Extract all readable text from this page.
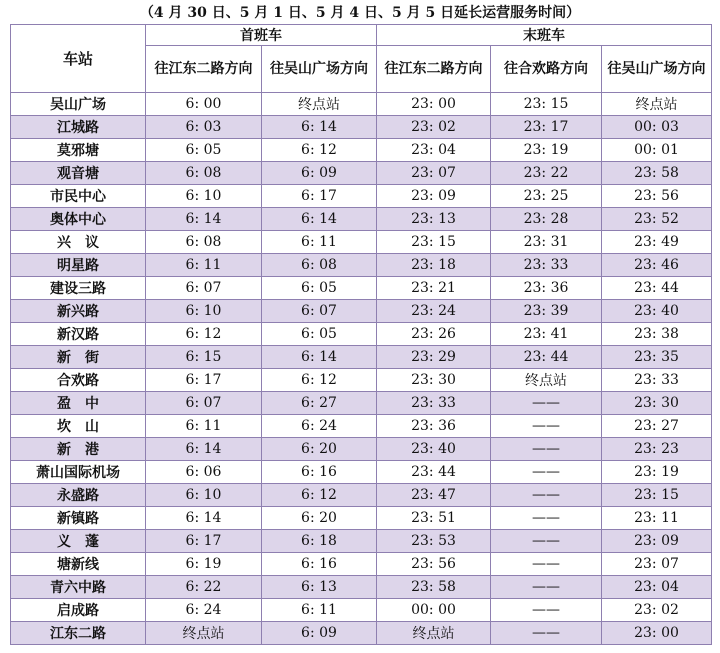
（4 月 30 日、5 月 1 日、5 月 4 日、5 月 5 日延长运营服务时间）
车站	首班车		末班车		
	往江东二路方向	往吴山广场方向	往江东二路方向	往合欢路方向	往吴山广场方向
吴山广场	6: 00	终点站	23: 00	23: 15	终点站
江城路	6: 03	6: 14	23: 02	23: 17	00: 03
莫邪塘	6: 05	6: 12	23: 04	23: 19	00: 01
观音塘	6: 08	6: 09	23: 07	23: 22	23: 58
市民中心	6: 10	6: 17	23: 09	23: 25	23: 56
奥体中心	6: 14	6: 14	23: 13	23: 28	23: 52
兴　议	6: 08	6: 11	23: 15	23: 31	23: 49
明星路	6: 11	6: 08	23: 18	23: 33	23: 46
建设三路	6: 07	6: 05	23: 21	23: 36	23: 44
新兴路	6: 10	6: 07	23: 24	23: 39	23: 40
新汉路	6: 12	6: 05	23: 26	23: 41	23: 38
新　街	6: 15	6: 14	23: 29	23: 44	23: 35
合欢路	6: 17	6: 12	23: 30	终点站	23: 33
盈　中	6: 07	6: 27	23: 33	——	23: 30
坎　山	6: 11	6: 24	23: 36	——	23: 27
新　港	6: 14	6: 20	23: 40	——	23: 23
萧山国际机场	6: 06	6: 16	23: 44	——	23: 19
永盛路	6: 10	6: 12	23: 47	——	23: 15
新镇路	6: 14	6: 20	23: 51	——	23: 11
义　蓬	6: 17	6: 18	23: 53	——	23: 09
塘新线	6: 19	6: 16	23: 56	——	23: 07
青六中路	6: 22	6: 13	23: 58	——	23: 04
启成路	6: 24	6: 11	00: 00	——	23: 02
江东二路	终点站	6: 09	终点站	——	23: 00
